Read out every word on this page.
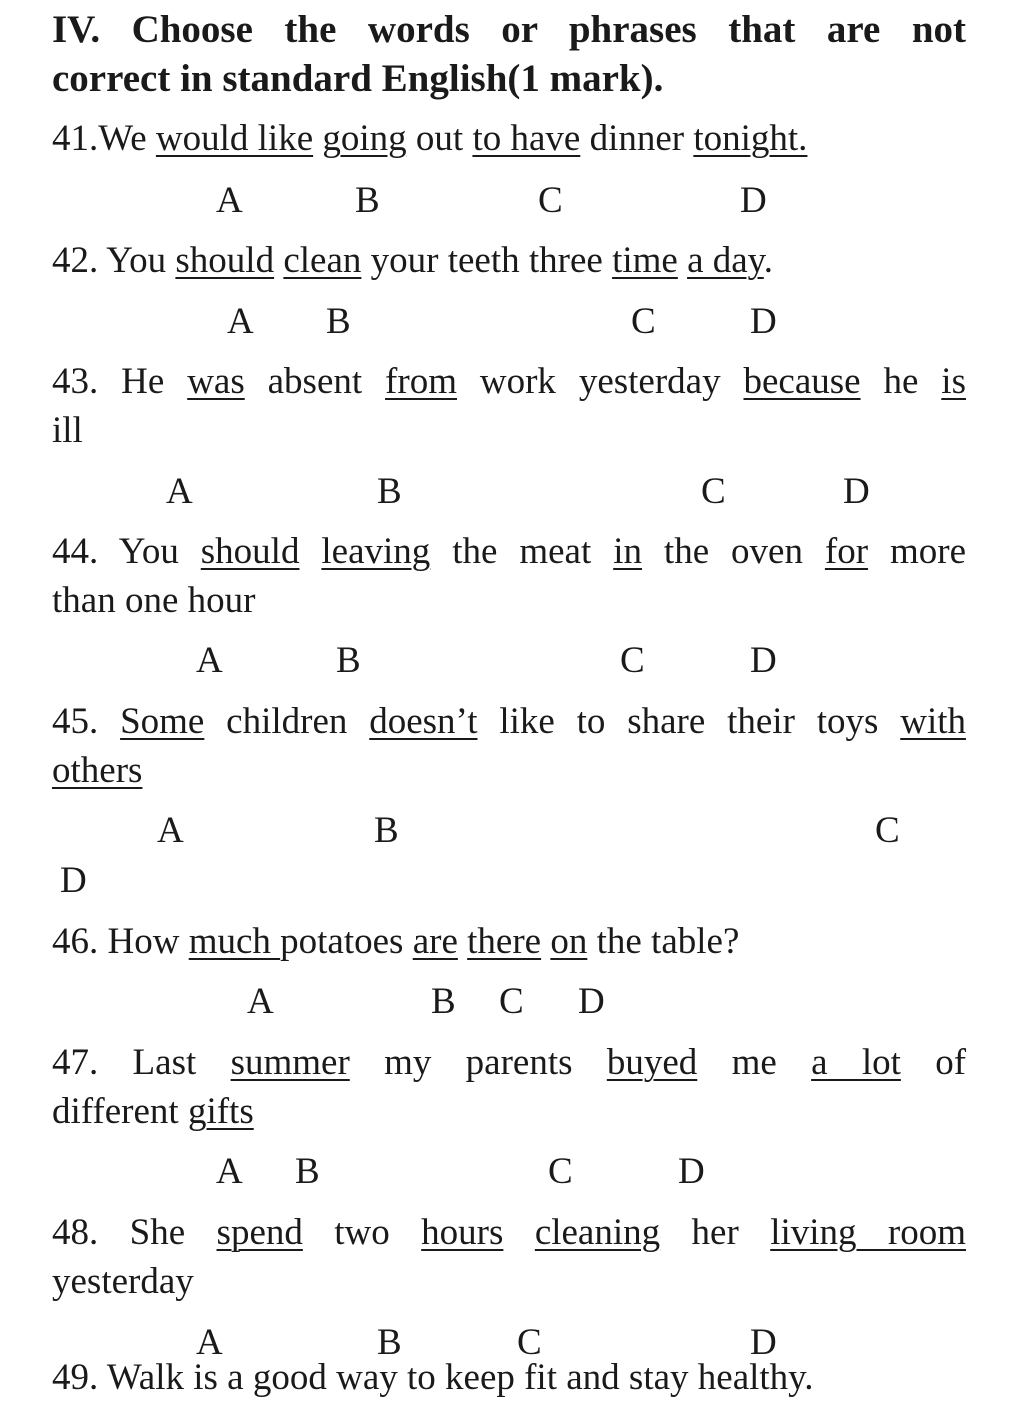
IV. Choose the words or phrases that are not
correct in standard English(1 mark).
41.We would like going out to have dinner tonight.
A	B	C	D
42. You should clean your teeth three time a day.
A B	C	D
43. He was absent from work yesterday because he is
ill
A	B	C	D
44. You should leaving the meat in the oven for more
than one hour
A	B	C	D
45. Some children doesn’t like to share their toys with
others
A	B	C
D
46. How much potatoes are there on the table?
A	B C D
47. Last summer my parents buyed me a lot of
different gifts
A B	C	D
48. She spend two hours cleaning her living room
yesterday
A	B	C	D
49. Walk is a good way to keep fit and stay healthy.
